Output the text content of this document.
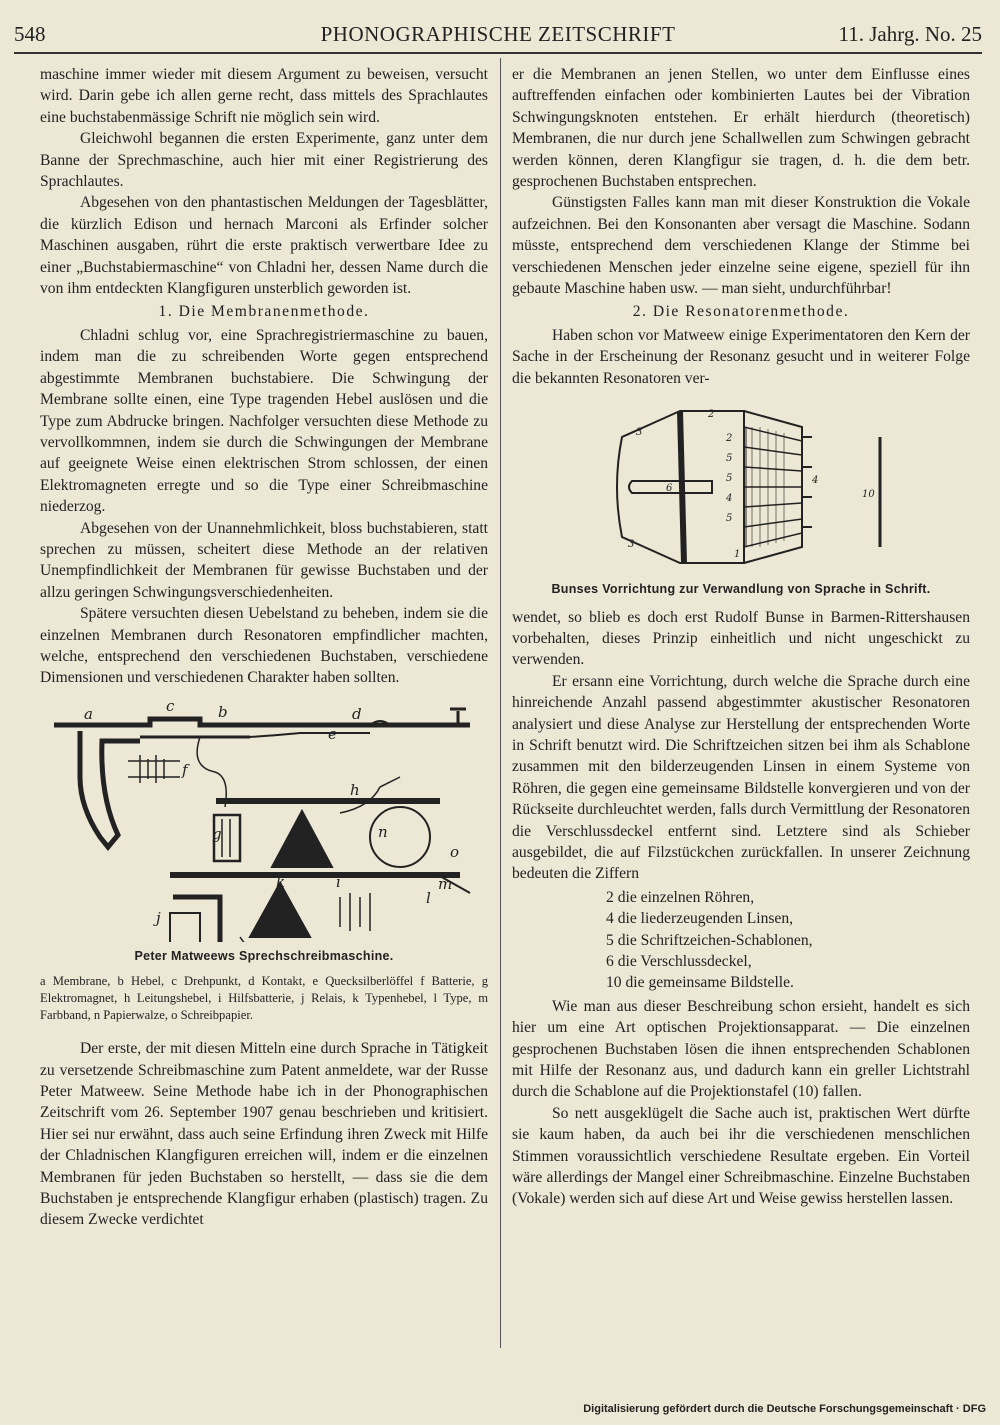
548	PHONOGRAPHISCHE ZEITSCHRIFT	11. Jahrg. No. 25

maschine immer wieder mit diesem Argument zu beweisen, versucht wird. Darin gebe ich allen gerne recht, dass mittels des Sprachlautes eine buchstabenmässige Schrift nie möglich sein wird.

Gleichwohl begannen die ersten Experimente, ganz unter dem Banne der Sprechmaschine, auch hier mit einer Registrierung des Sprachlautes.

Abgesehen von den phantastischen Meldungen der Tagesblätter, die kürzlich Edison und hernach Marconi als Erfinder solcher Maschinen ausgaben, rührt die erste praktisch verwertbare Idee zu einer „Buchstabiermaschine“ von Chladni her, dessen Name durch die von ihm entdeckten Klangfiguren unsterblich geworden ist.

1. Die Membranenmethode.

Chladni schlug vor, eine Sprachregistriermaschine zu bauen, indem man die zu schreibenden Worte gegen entsprechend abgestimmte Membranen buchstabiere. Die Schwingung der Membrane sollte einen, eine Type tragenden Hebel auslösen und die Type zum Abdrucke bringen. Nachfolger versuchten diese Methode zu vervollkommnen, indem sie durch die Schwingungen der Membrane auf geeignete Weise einen elektrischen Strom schlossen, der einen Elektromagneten erregte und so die Type einer Schreibmaschine niederzog.

Abgesehen von der Unannehmlichkeit, bloss buchstabieren, statt sprechen zu müssen, scheitert diese Methode an der relativen Unempfindlichkeit der Membranen für gewisse Buchstaben und der allzu geringen Schwingungsverschiedenheiten.

Spätere versuchten diesen Uebelstand zu beheben, indem sie die einzelnen Membranen durch Resonatoren empfindlicher machten, welche, entsprechend den verschiedenen Buchstaben, verschiedene Dimensionen und verschiedenen Charakter haben sollten.

a	c	b	d
e
f
g
h
n
o
m
l
k	i
j
Peter Matweews Sprechschreibmaschine.
a Membrane, b Hebel, c Drehpunkt, d Kontakt, e Quecksilberlöffel f Batterie, g Elektromagnet, h Leitungshebel, i Hilfsbatterie, j Relais, k Typenhebel, l Type, m Farbband, n Papierwalze, o Schreibpapier.

Der erste, der mit diesen Mitteln eine durch Sprache in Tätigkeit zu versetzende Schreibmaschine zum Patent anmeldete, war der Russe Peter Matweew. Seine Methode habe ich in der Phonographischen Zeitschrift vom 26. September 1907 genau beschrieben und kritisiert. Hier sei nur erwähnt, dass auch seine Erfindung ihren Zweck mit Hilfe der Chladnischen Klangfiguren erreichen will, indem er die einzelnen Membranen für jeden Buchstaben so herstellt, — dass sie die dem Buchstaben je entsprechende Klangfigur erhaben (plastisch) tragen. Zu diesem Zwecke verdichtet

er die Membranen an jenen Stellen, wo unter dem Einflusse eines auftreffenden einfachen oder kombinierten Lautes bei der Vibration Schwingungsknoten entstehen. Er erhält hierdurch (theoretisch) Membranen, die nur durch jene Schallwellen zum Schwingen gebracht werden können, deren Klangfigur sie tragen, d. h. die dem betr. gesprochenen Buchstaben entsprechen.

Günstigsten Falles kann man mit dieser Konstruktion die Vokale aufzeichnen. Bei den Konsonanten aber versagt die Maschine. Sodann müsste, entsprechend dem verschiedenen Klange der Stimme bei verschiedenen Menschen jeder einzelne seine eigene, speziell für ihn gebaute Maschine haben usw. — man sieht, undurchführbar!

2. Die Resonatorenmethode.

Haben schon vor Matweew einige Experimentatoren den Kern der Sache in der Erscheinung der Resonanz gesucht und in weiterer Folge die bekannten Resonatoren ver-

3
3
6
2
2
5
5
4
5
1
4
10
Bunses Vorrichtung zur Verwandlung von Sprache in Schrift.

wendet, so blieb es doch erst Rudolf Bunse in Barmen-Rittershausen vorbehalten, dieses Prinzip einheitlich und nicht ungeschickt zu verwenden.

Er ersann eine Vorrichtung, durch welche die Sprache durch eine hinreichende Anzahl passend abgestimmter akustischer Resonatoren analysiert und diese Analyse zur Herstellung der entsprechenden Worte in Schrift benutzt wird. Die Schriftzeichen sitzen bei ihm als Schablone zusammen mit den bilderzeugenden Linsen in einem Systeme von Röhren, die gegen eine gemeinsame Bildstelle konvergieren und von der Rückseite durchleuchtet werden, falls durch Vermittlung der Resonatoren die Verschlussdeckel entfernt sind. Letztere sind als Schieber ausgebildet, die auf Filzstückchen zurückfallen. In unserer Zeichnung bedeuten die Ziffern

2 die einzelnen Röhren,
4 die liederzeugenden Linsen,
5 die Schriftzeichen-Schablonen,
6 die Verschlussdeckel,
10 die gemeinsame Bildstelle.

Wie man aus dieser Beschreibung schon ersieht, handelt es sich hier um eine Art optischen Projektionsapparat. — Die einzelnen gesprochenen Buchstaben lösen die ihnen entsprechenden Schablonen mit Hilfe der Resonanz aus, und dadurch kann ein greller Lichtstrahl durch die Schablone auf die Projektionstafel (10) fallen.

So nett ausgeklügelt die Sache auch ist, praktischen Wert dürfte sie kaum haben, da auch bei ihr die verschiedenen menschlichen Stimmen voraussichtlich verschiedene Resultate ergeben. Ein Vorteil wäre allerdings der Mangel einer Schreibmaschine. Einzelne Buchstaben (Vokale) werden sich auf diese Art und Weise gewiss herstellen lassen.

Digitalisierung gefördert durch die Deutsche Forschungsgemeinschaft · DFG
